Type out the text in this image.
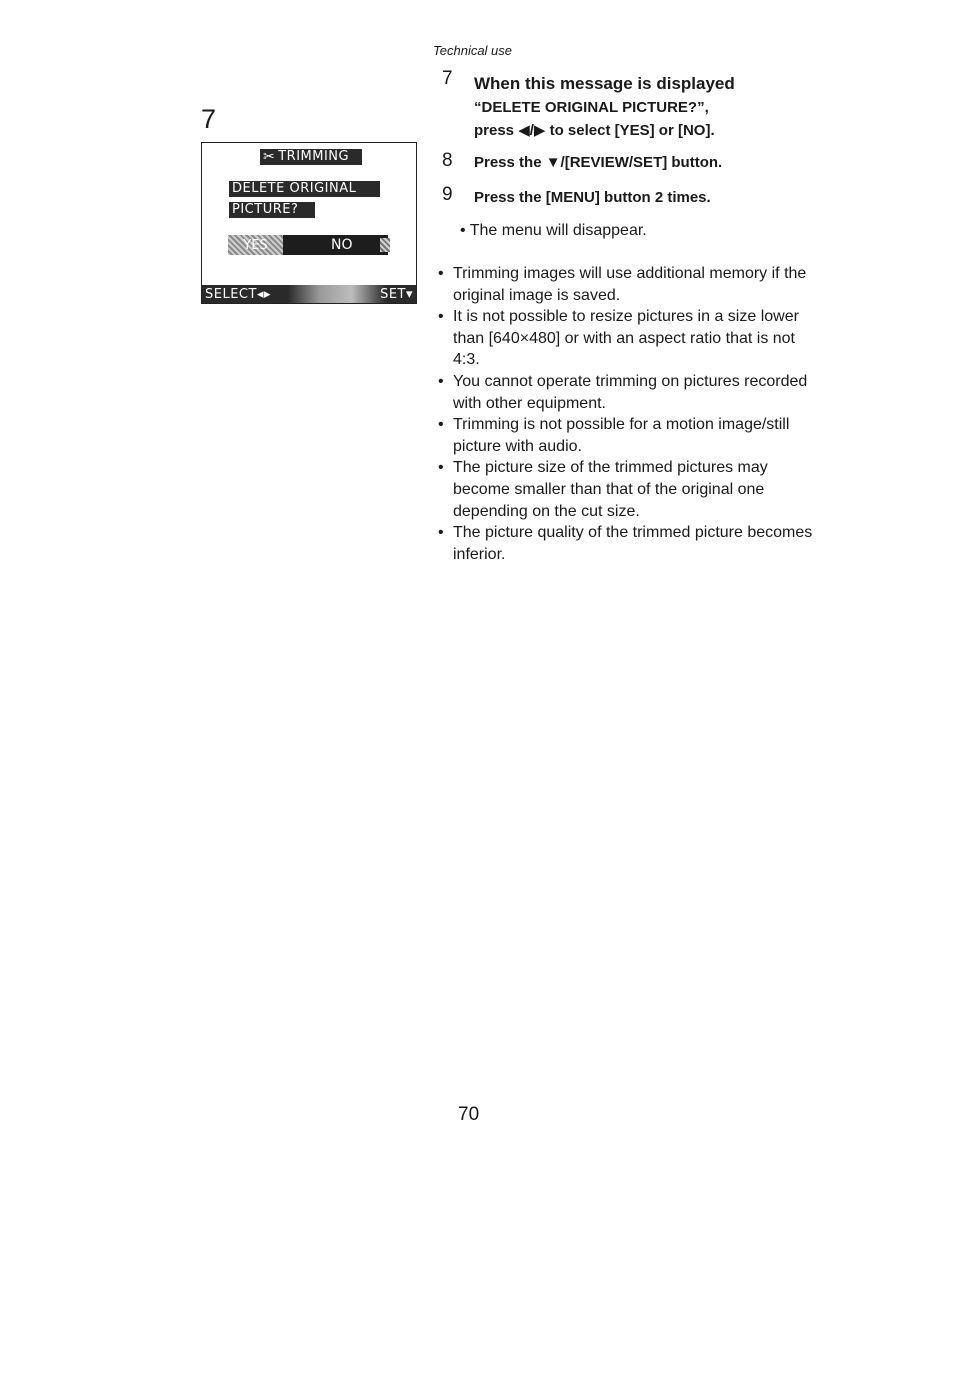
Technical use
7
✂ TRIMMING
DELETE ORIGINAL
PICTURE?
YES	NO
SELECT◂▸	SET▾
7 When this message is displayed
“DELETE ORIGINAL PICTURE?”,
press ◀/▶ to select [YES] or [NO].
8 Press the ▼/[REVIEW/SET] button.
9 Press the [MENU] button 2 times.
• The menu will disappear.
• Trimming images will use additional memory if the original image is saved.
• It is not possible to resize pictures in a size lower than [640×480] or with an aspect ratio that is not 4:3.
• You cannot operate trimming on pictures recorded with other equipment.
• Trimming is not possible for a motion image/still picture with audio.
• The picture size of the trimmed pictures may become smaller than that of the original one depending on the cut size.
• The picture quality of the trimmed picture becomes inferior.
70
